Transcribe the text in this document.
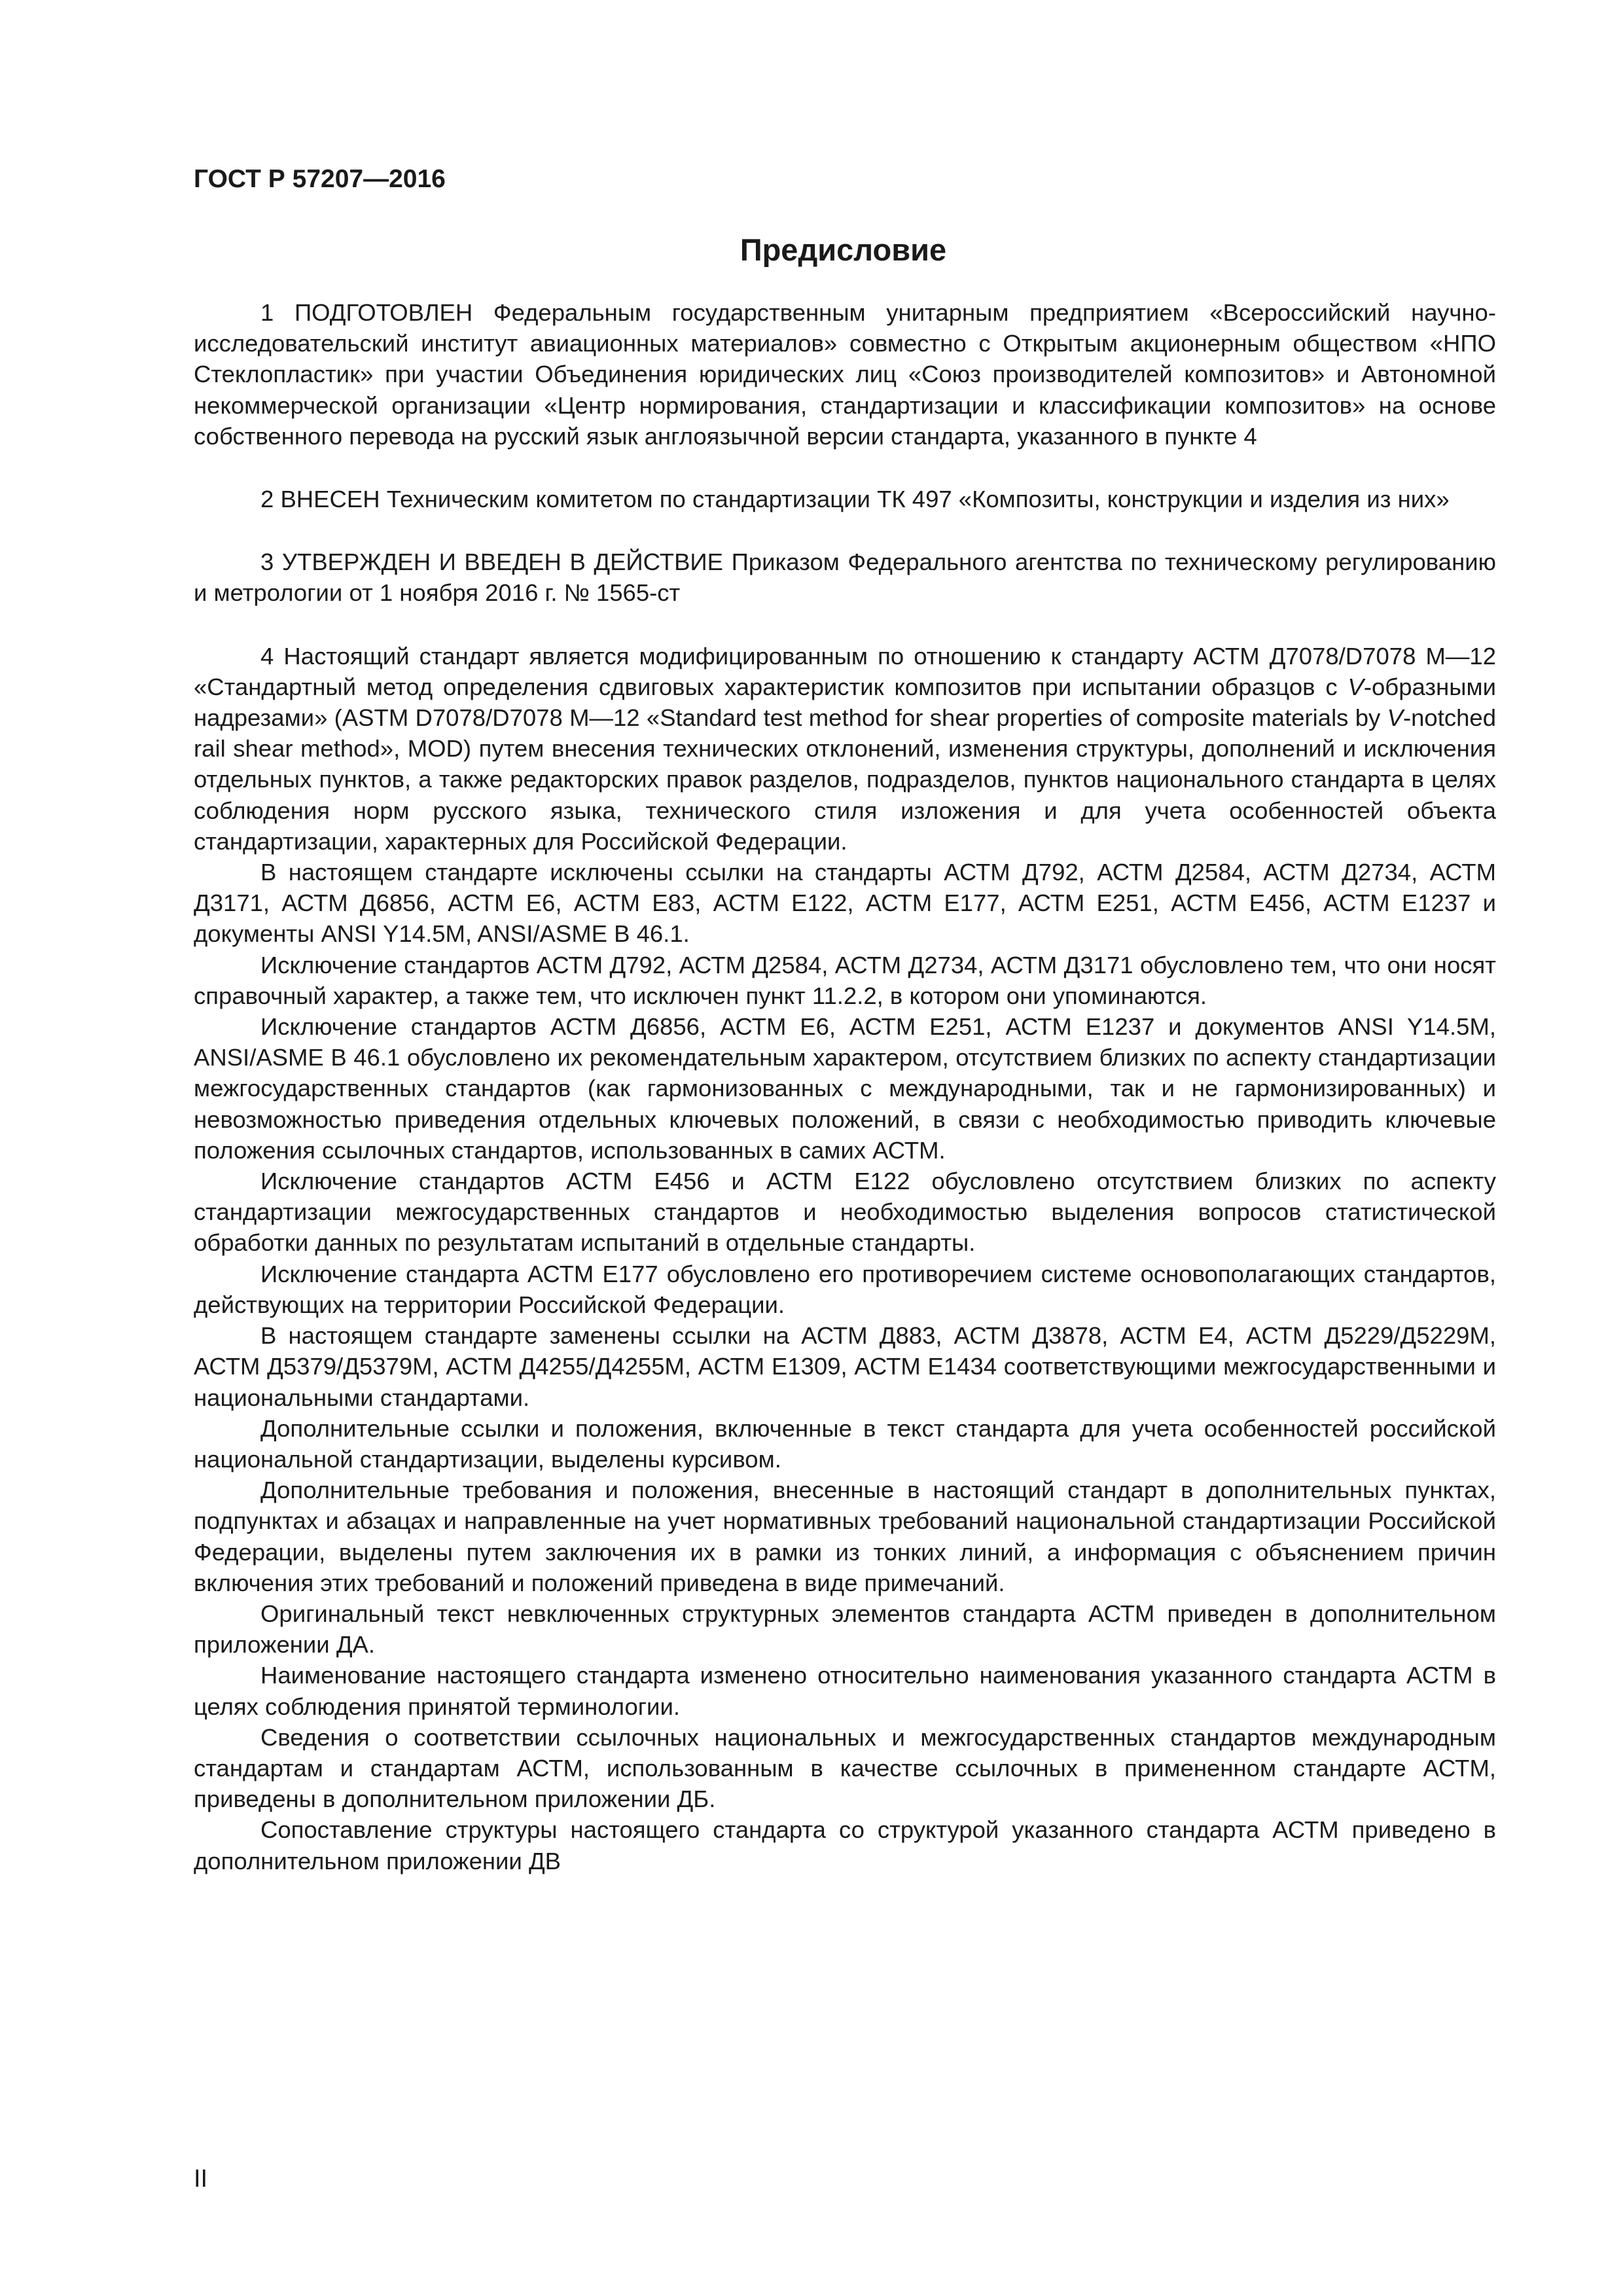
ГОСТ Р 57207—2016
Предисловие

1 ПОДГОТОВЛЕН Федеральным государственным унитарным предприятием «Всероссийский научно-исследовательский институт авиационных материалов» совместно с Открытым акционерным обществом «НПО Стеклопластик» при участии Объединения юридических лиц «Союз производителей композитов» и Автономной некоммерческой организации «Центр нормирования, стандартизации и классификации композитов» на основе собственного перевода на русский язык англоязычной версии стандарта, указанного в пункте 4

2 ВНЕСЕН Техническим комитетом по стандартизации ТК 497 «Композиты, конструкции и изделия из них»

3 УТВЕРЖДЕН И ВВЕДЕН В ДЕЙСТВИЕ Приказом Федерального агентства по техническому регулированию и метрологии от 1 ноября 2016 г. № 1565-ст

4 Настоящий стандарт является модифицированным по отношению к стандарту АСТМ Д7078/D7078 М—12 «Стандартный метод определения сдвиговых характеристик композитов при испытании образцов с V-образными надрезами» (ASTM D7078/D7078 M—12 «Standard test method for shear properties of composite materials by V-notched rail shear method», MOD) путем внесения технических отклонений, изменения структуры, дополнений и исключения отдельных пунктов, а также редакторских правок разделов, подразделов, пунктов национального стандарта в целях соблюдения норм русского языка, технического стиля изложения и для учета особенностей объекта стандартизации, характерных для Российской Федерации.

В настоящем стандарте исключены ссылки на стандарты АСТМ Д792, АСТМ Д2584, АСТМ Д2734, АСТМ Д3171, АСТМ Д6856, АСТМ Е6, АСТМ Е83, АСТМ Е122, АСТМ Е177, АСТМ Е251, АСТМ Е456, АСТМ Е1237 и документы ANSI Y14.5M, ANSI/ASME B 46.1.

Исключение стандартов АСТМ Д792, АСТМ Д2584, АСТМ Д2734, АСТМ Д3171 обусловлено тем, что они носят справочный характер, а также тем, что исключен пункт 11.2.2, в котором они упоминаются.

Исключение стандартов АСТМ Д6856, АСТМ Е6, АСТМ Е251, АСТМ Е1237 и документов ANSI Y14.5M, ANSI/ASME B 46.1 обусловлено их рекомендательным характером, отсутствием близких по аспекту стандартизации межгосударственных стандартов (как гармонизованных с международными, так и не гармонизированных) и невозможностью приведения отдельных ключевых положений, в связи с необходимостью приводить ключевые положения ссылочных стандартов, использованных в самих АСТМ.

Исключение стандартов АСТМ Е456 и АСТМ Е122 обусловлено отсутствием близких по аспекту стандартизации межгосударственных стандартов и необходимостью выделения вопросов статистической обработки данных по результатам испытаний в отдельные стандарты.

Исключение стандарта АСТМ Е177 обусловлено его противоречием системе основополагающих стандартов, действующих на территории Российской Федерации.

В настоящем стандарте заменены ссылки на АСТМ Д883, АСТМ Д3878, АСТМ Е4, АСТМ Д5229/Д5229М, АСТМ Д5379/Д5379М, АСТМ Д4255/Д4255М, АСТМ Е1309, АСТМ Е1434 соответствующими межгосударственными и национальными стандартами.

Дополнительные ссылки и положения, включенные в текст стандарта для учета особенностей российской национальной стандартизации, выделены курсивом.

Дополнительные требования и положения, внесенные в настоящий стандарт в дополнительных пунктах, подпунктах и абзацах и направленные на учет нормативных требований национальной стандартизации Российской Федерации, выделены путем заключения их в рамки из тонких линий, а информация с объяснением причин включения этих требований и положений приведена в виде примечаний.

Оригинальный текст невключенных структурных элементов стандарта АСТМ приведен в дополнительном приложении ДА.

Наименование настоящего стандарта изменено относительно наименования указанного стандарта АСТМ в целях соблюдения принятой терминологии.

Сведения о соответствии ссылочных национальных и межгосударственных стандартов международным стандартам и стандартам АСТМ, использованным в качестве ссылочных в примененном стандарте АСТМ, приведены в дополнительном приложении ДБ.

Сопоставление структуры настоящего стандарта со структурой указанного стандарта АСТМ приведено в дополнительном приложении ДВ

II
